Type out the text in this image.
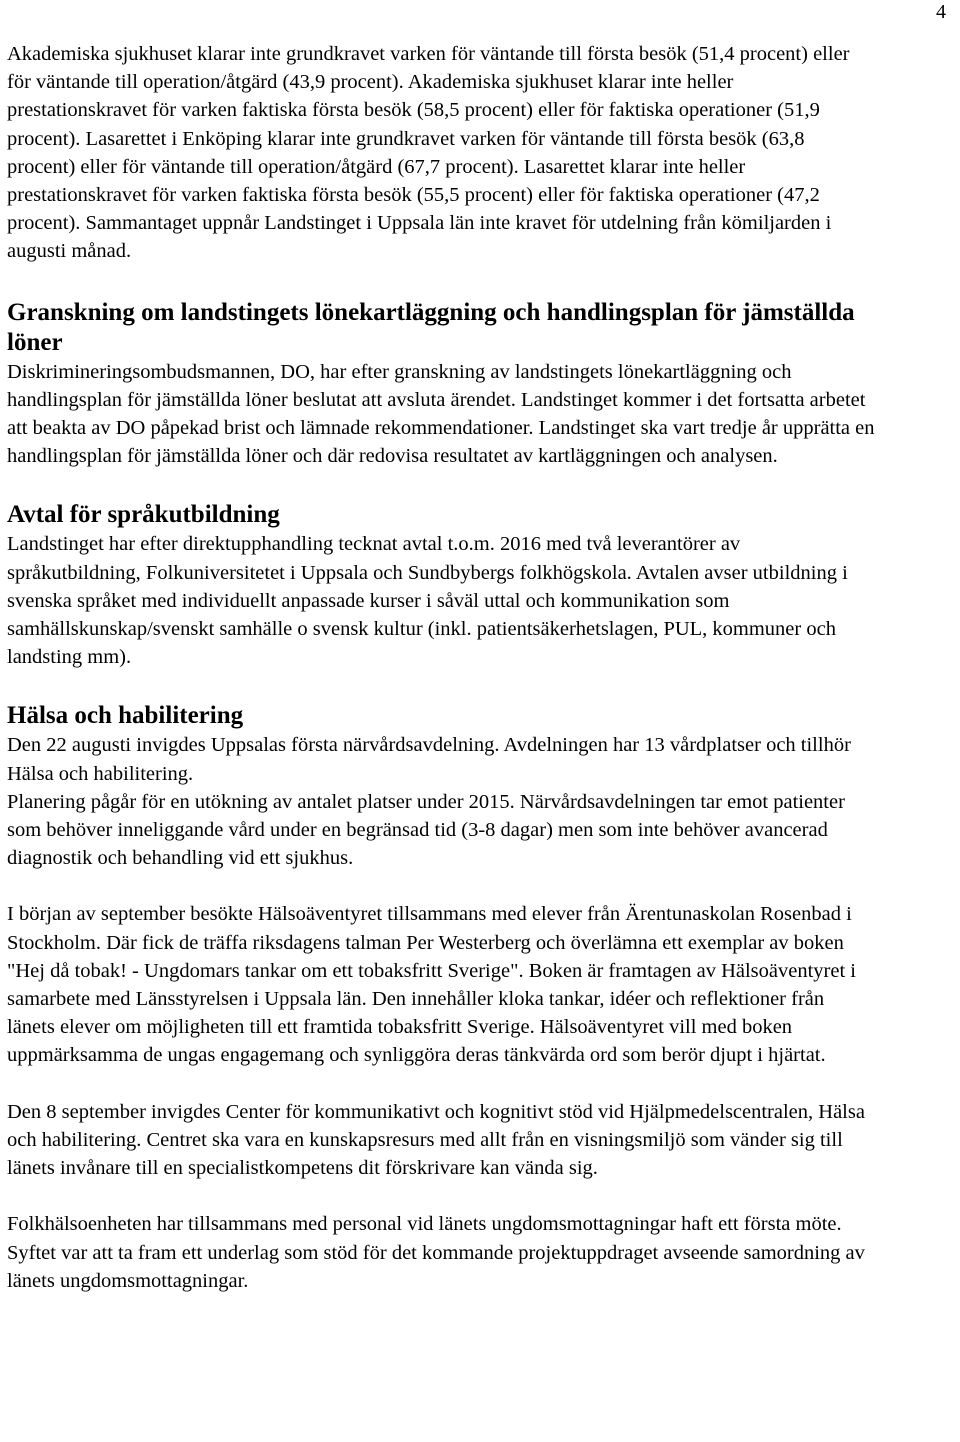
4

Akademiska sjukhuset klarar inte grundkravet varken för väntande till första besök (51,4 procent) eller för väntande till operation/åtgärd (43,9 procent). Akademiska sjukhuset klarar inte heller prestationskravet för varken faktiska första besök (58,5 procent) eller för faktiska operationer (51,9 procent). Lasarettet i Enköping klarar inte grundkravet varken för väntande till första besök (63,8 procent) eller för väntande till operation/åtgärd (67,7 procent). Lasarettet klarar inte heller prestationskravet för varken faktiska första besök (55,5 procent) eller för faktiska operationer (47,2 procent). Sammantaget uppnår Landstinget i Uppsala län inte kravet för utdelning från kömiljarden i augusti månad.

Granskning om landstingets lönekartläggning och handlingsplan för jämställda löner

Diskrimineringsombudsmannen, DO, har efter granskning av landstingets lönekartläggning och handlingsplan för jämställda löner beslutat att avsluta ärendet. Landstinget kommer i det fortsatta arbetet att beakta av DO påpekad brist och lämnade rekommendationer. Landstinget ska vart tredje år upprätta en handlingsplan för jämställda löner och där redovisa resultatet av kartläggningen och analysen.

Avtal för språkutbildning

Landstinget har efter direktupphandling tecknat avtal t.o.m. 2016 med två leverantörer av språkutbildning, Folkuniversitetet i Uppsala och Sundbybergs folkhögskola. Avtalen avser utbildning i svenska språket med individuellt anpassade kurser i såväl uttal och kommunikation som samhällskunskap/svenskt samhälle o svensk kultur (inkl. patientsäkerhetslagen, PUL, kommuner och landsting mm).

Hälsa och habilitering

Den 22 augusti invigdes Uppsalas första närvårdsavdelning. Avdelningen har 13 vårdplatser och tillhör Hälsa och habilitering.

Planering pågår för en utökning av antalet platser under 2015. Närvårdsavdelningen tar emot patienter som behöver inneliggande vård under en begränsad tid (3-8 dagar) men som inte behöver avancerad diagnostik och behandling vid ett sjukhus.

I början av september besökte Hälsoäventyret tillsammans med elever från Ärentunaskolan Rosenbad i Stockholm. Där fick de träffa riksdagens talman Per Westerberg och överlämna ett exemplar av boken "Hej då tobak! - Ungdomars tankar om ett tobaksfritt Sverige". Boken är framtagen av Hälsoäventyret i samarbete med Länsstyrelsen i Uppsala län. Den innehåller kloka tankar, idéer och reflektioner från länets elever om möjligheten till ett framtida tobaksfritt Sverige. Hälsoäventyret vill med boken uppmärksamma de ungas engagemang och synliggöra deras tänkvärda ord som berör djupt i hjärtat.

Den 8 september invigdes Center för kommunikativt och kognitivt stöd vid Hjälpmedelscentralen, Hälsa och habilitering. Centret ska vara en kunskapsresurs med allt från en visningsmiljö som vänder sig till länets invånare till en specialistkompetens dit förskrivare kan vända sig.

Folkhälsoenheten har tillsammans med personal vid länets ungdomsmottagningar haft ett första möte. Syftet var att ta fram ett underlag som stöd för det kommande projektuppdraget avseende samordning av länets ungdomsmottagningar.
